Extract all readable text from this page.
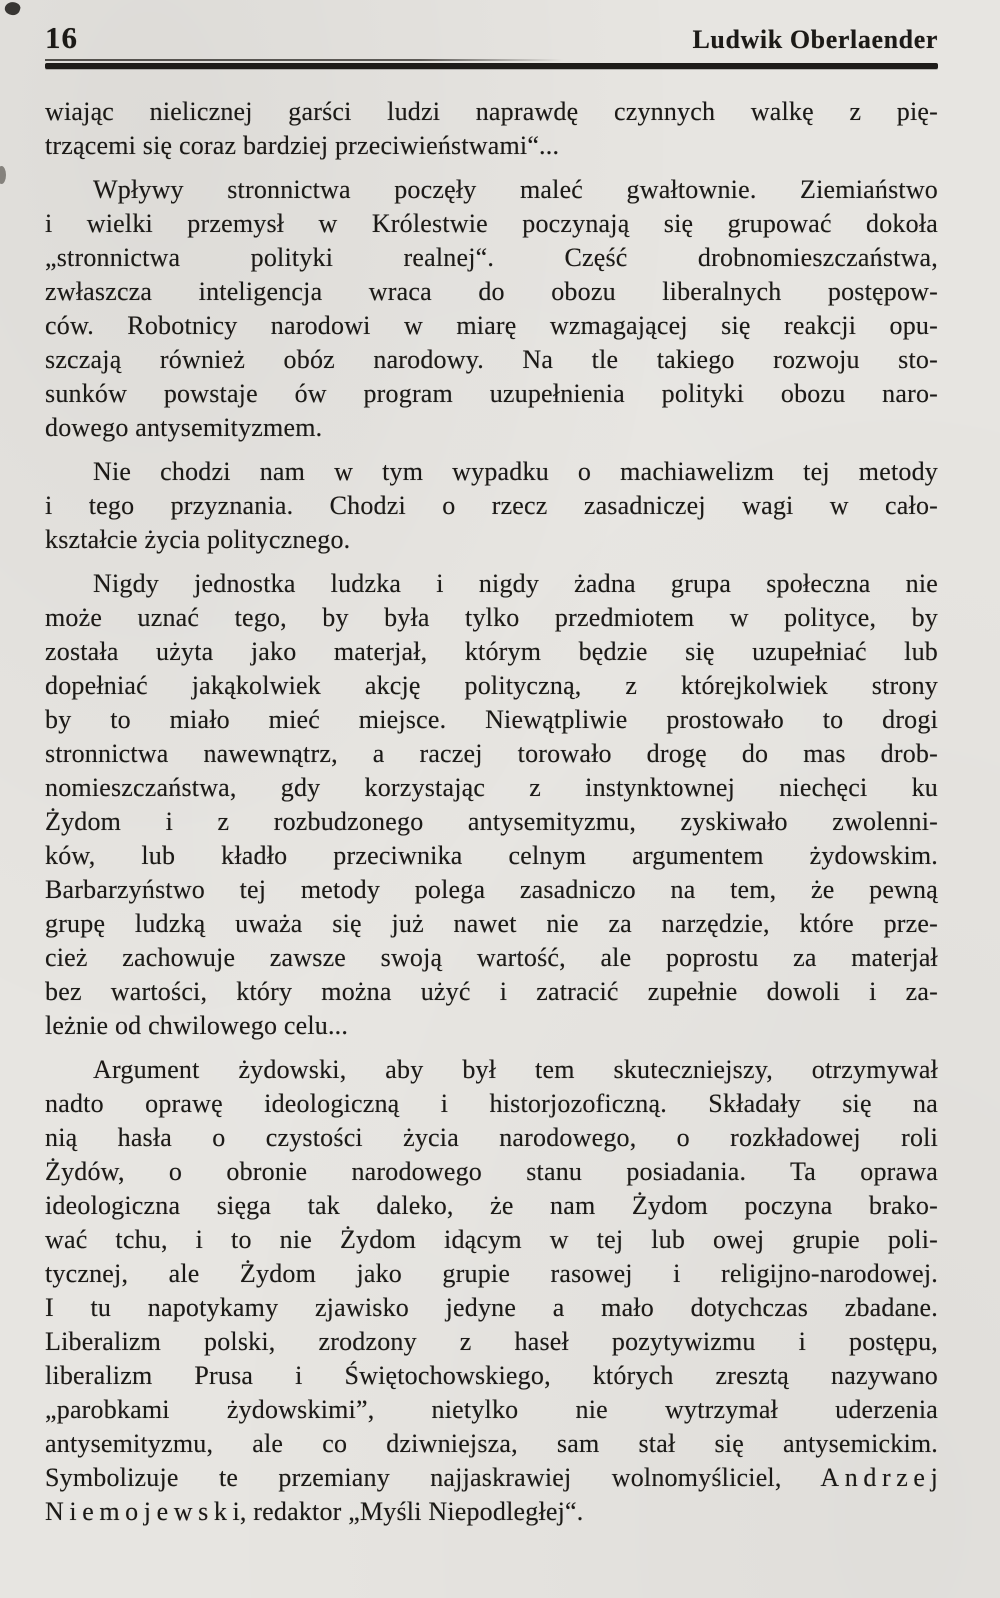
16	Ludwik Oberlaender
wiając nielicznej garści ludzi naprawdę czynnych walkę z pię-
trzącemi się coraz bardziej przeciwieństwami“...
Wpływy stronnictwa poczęły maleć gwałtownie. Ziemiaństwo
i wielki przemysł w Królestwie poczynają się grupować dokoła
„stronnictwa polityki realnej“. Część drobnomieszczaństwa,
zwłaszcza inteligencja wraca do obozu liberalnych postępow-
ców. Robotnicy narodowi w miarę wzmagającej się reakcji opu-
szczają również obóz narodowy. Na tle takiego rozwoju sto-
sunków powstaje ów program uzupełnienia polityki obozu naro-
dowego antysemityzmem.
Nie chodzi nam w tym wypadku o machiawelizm tej metody
i tego przyznania. Chodzi o rzecz zasadniczej wagi w cało-
kształcie życia politycznego.
Nigdy jednostka ludzka i nigdy żadna grupa społeczna nie
może uznać tego, by była tylko przedmiotem w polityce, by
została użyta jako materjał, którym będzie się uzupełniać lub
dopełniać jakąkolwiek akcję polityczną, z którejkolwiek strony
by to miało mieć miejsce. Niewątpliwie prostowało to drogi
stronnictwa nawewnątrz, a raczej torowało drogę do mas drob-
nomieszczaństwa, gdy korzystając z instynktownej niechęci ku
Żydom i z rozbudzonego antysemityzmu, zyskiwało zwolenni-
ków, lub kładło przeciwnika celnym argumentem żydowskim.
Barbarzyństwo tej metody polega zasadniczo na tem, że pewną
grupę ludzką uważa się już nawet nie za narzędzie, które prze-
cież zachowuje zawsze swoją wartość, ale poprostu za materjał
bez wartości, który można użyć i zatracić zupełnie dowoli i za-
leżnie od chwilowego celu...
Argument żydowski, aby był tem skuteczniejszy, otrzymywał
nadto oprawę ideologiczną i historjozoficzną. Składały się na
nią hasła o czystości życia narodowego, o rozkładowej roli
Żydów, o obronie narodowego stanu posiadania. Ta oprawa
ideologiczna sięga tak daleko, że nam Żydom poczyna brako-
wać tchu, i to nie Żydom idącym w tej lub owej grupie poli-
tycznej, ale Żydom jako grupie rasowej i religijno-narodowej.
I tu napotykamy zjawisko jedyne a mało dotychczas zbadane.
Liberalizm polski, zrodzony z haseł pozytywizmu i postępu,
liberalizm Prusa i Świętochowskiego, których zresztą nazywano
„parobkami żydowskimi”, nietylko nie wytrzymał uderzenia
antysemityzmu, ale co dziwniejsza, sam stał się antysemickim.
Symbolizuje te przemiany najjaskrawiej wolnomyśliciel, A n d r z e j
N i e m o j e w s k i, redaktor „Myśli Niepodległej“.
